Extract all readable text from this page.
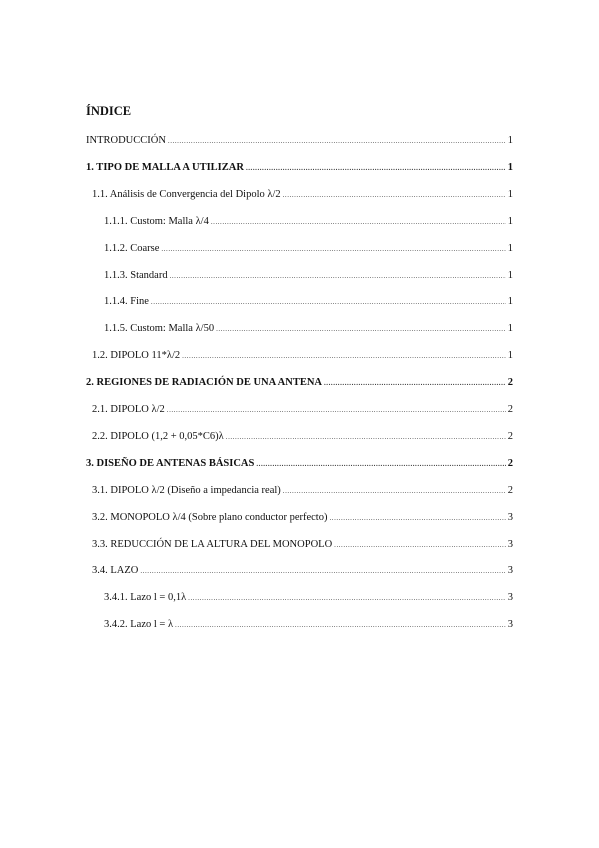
ÍNDICE
INTRODUCCIÓN . . .	1
1. TIPO DE MALLA A UTILIZAR . . .	1
1.1. Análisis de Convergencia del Dipolo λ/2 . . .	1
1.1.1. Custom: Malla λ/4 . . .	1
1.1.2. Coarse . . .	1
1.1.3. Standard . . .	1
1.1.4. Fine . . .	1
1.1.5. Custom: Malla λ/50 . . .	1
1.2. DIPOLO 11*λ/2 . . .	1
2. REGIONES DE RADIACIÓN DE UNA ANTENA . . .	2
2.1. DIPOLO λ/2 . . .	2
2.2. DIPOLO (1,2 + 0,05*C6)λ . . .	2
3. DISEÑO DE ANTENAS BÁSICAS . . .	2
3.1. DIPOLO λ/2 (Diseño a impedancia real) . . .	2
3.2. MONOPOLO λ/4 (Sobre plano conductor perfecto) . . .	3
3.3. REDUCCIÓN DE LA ALTURA DEL MONOPOLO . . .	3
3.4. LAZO . . .	3
3.4.1. Lazo l = 0,1λ . . .	3
3.4.2. Lazo l = λ . . .	3
